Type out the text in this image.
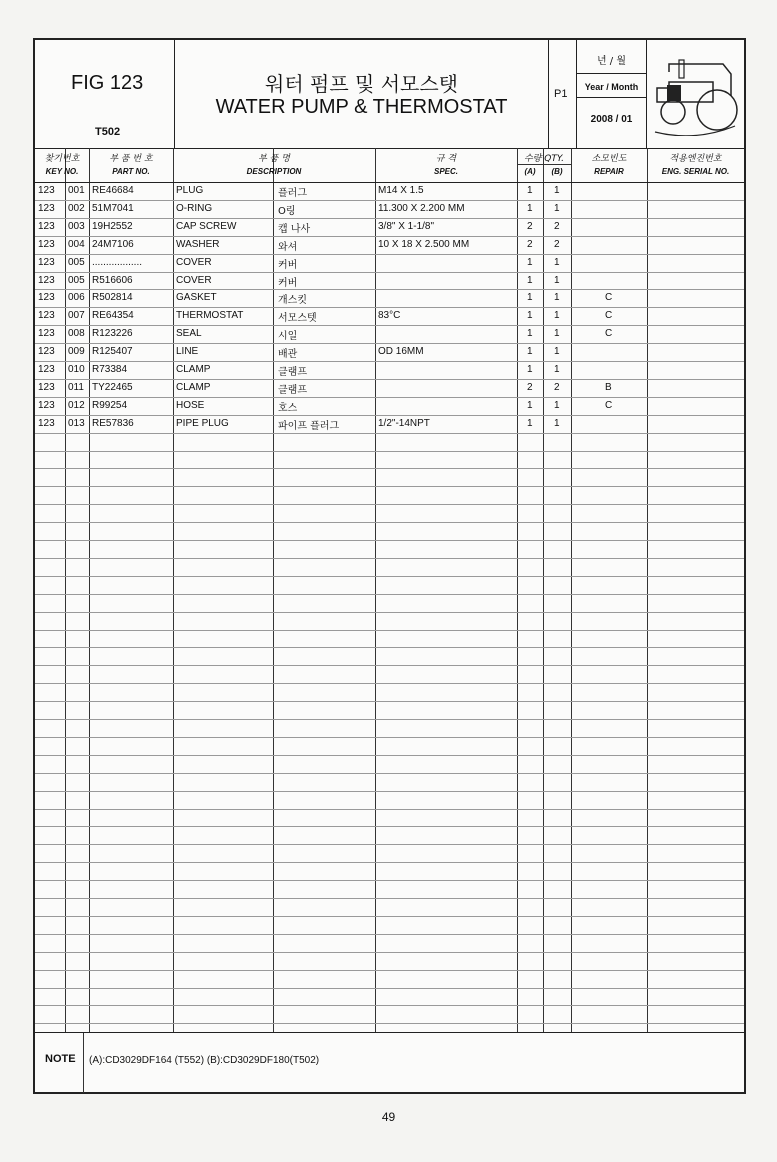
FIG 123
T502
워터 펌프 및 서모스탯
WATER PUMP & THERMOSTAT
P1
년 / 월
Year / Month
2008 / 01
찾기번호
KEY NO.
부 품 번 호
PART NO.
부 품 명
DESCRIPTION
규 격
SPEC.
수량 QTY.
(A)	(B)
소모빈도
REPAIR
적용엔진번호
ENG. SERIAL NO.
123 001 RE46684	PLUG	플러그	M14 X 1.5	1 1
123 002 51M7041	O-RING	O링	11.300 X 2.200 MM	1 1
123 003 19H2552	CAP SCREW	캡 나사	3/8" X 1-1/8"	2 2
123 004 24M7106	WASHER	와셔	10 X 18 X 2.500 MM	2 2
123 005 ..................	COVER	커버	1 1
123 005 R516606	COVER	커버	1 1
123 006 R502814	GASKET	개스킷	1 1	C
123 007 RE64354	THERMOSTAT	서모스텟	83°C	1 1	C
123 008 R123226	SEAL	시일	1 1	C
123 009 R125407	LINE	배관	OD 16MM	1 1
123 010 R73384	CLAMP	클램프	1 1
123 011 TY22465	CLAMP	클램프	2 2	B
123 012 R99254	HOSE	호스	1 1	C
123 013 RE57836	PIPE PLUG	파이프 플러그	1/2"-14NPT	1 1
NOTE (A):CD3029DF164 (T552) (B):CD3029DF180(T502)
49
